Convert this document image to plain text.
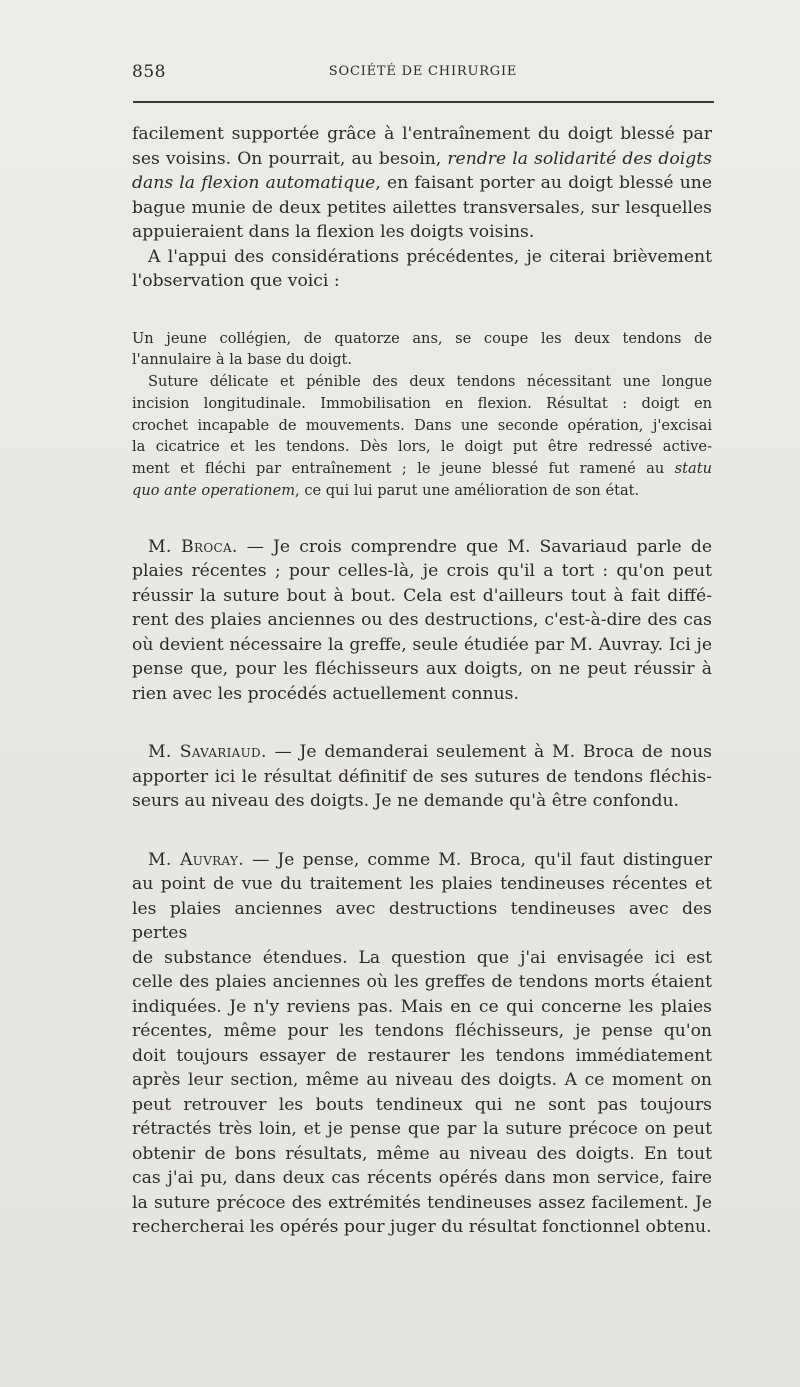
858	SOCIÉTÉ DE CHIRURGIE
facilement supportée grâce à l'entraînement du doigt blessé par
ses voisins. On pourrait, au besoin, rendre la solidarité des doigts
dans la flexion automatique, en faisant porter au doigt blessé une
bague munie de deux petites ailettes transversales, sur lesquelles
appuieraient dans la flexion les doigts voisins.
A l'appui des considérations précédentes, je citerai brièvement
l'observation que voici :
Un jeune collégien, de quatorze ans, se coupe les deux tendons de
l'annulaire à la base du doigt.
Suture délicate et pénible des deux tendons nécessitant une longue
incision longitudinale. Immobilisation en flexion. Résultat : doigt en
crochet incapable de mouvements. Dans une seconde opération, j'excisai
la cicatrice et les tendons. Dès lors, le doigt put être redressé active-
ment et fléchi par entraînement ; le jeune blessé fut ramené au statu
quo ante operationem, ce qui lui parut une amélioration de son état.
M. Broca. — Je crois comprendre que M. Savariaud parle de
plaies récentes ; pour celles-là, je crois qu'il a tort : qu'on peut
réussir la suture bout à bout. Cela est d'ailleurs tout à fait diffé-
rent des plaies anciennes ou des destructions, c'est-à-dire des cas
où devient nécessaire la greffe, seule étudiée par M. Auvray. Ici je
pense que, pour les fléchisseurs aux doigts, on ne peut réussir à
rien avec les procédés actuellement connus.
M. Savariaud. — Je demanderai seulement à M. Broca de nous
apporter ici le résultat définitif de ses sutures de tendons fléchis-
seurs au niveau des doigts. Je ne demande qu'à être confondu.
M. Auvray. — Je pense, comme M. Broca, qu'il faut distinguer
au point de vue du traitement les plaies tendineuses récentes et
les plaies anciennes avec destructions tendineuses avec des pertes
de substance étendues. La question que j'ai envisagée ici est
celle des plaies anciennes où les greffes de tendons morts étaient
indiquées. Je n'y reviens pas. Mais en ce qui concerne les plaies
récentes, même pour les tendons fléchisseurs, je pense qu'on
doit toujours essayer de restaurer les tendons immédiatement
après leur section, même au niveau des doigts. A ce moment on
peut retrouver les bouts tendineux qui ne sont pas toujours
rétractés très loin, et je pense que par la suture précoce on peut
obtenir de bons résultats, même au niveau des doigts. En tout
cas j'ai pu, dans deux cas récents opérés dans mon service, faire
la suture précoce des extrémités tendineuses assez facilement. Je
rechercherai les opérés pour juger du résultat fonctionnel obtenu.
